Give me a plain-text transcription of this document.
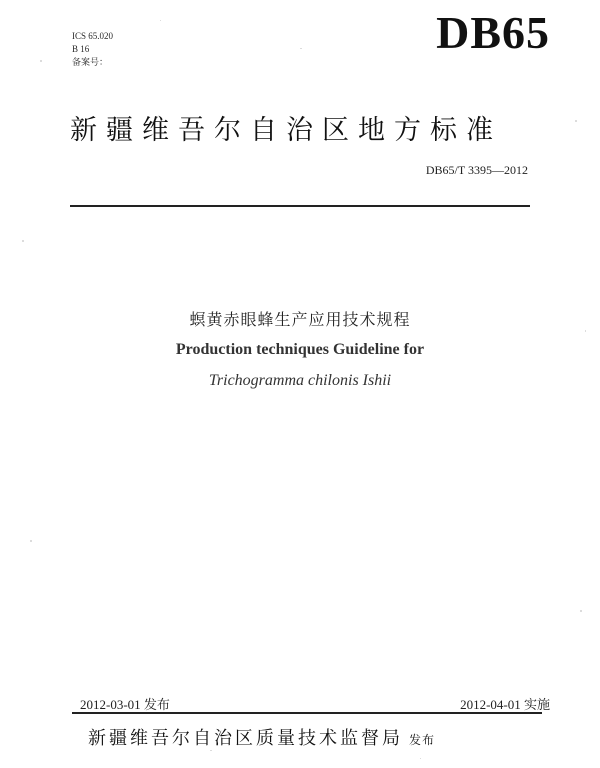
ICS 65.020
B 16
备案号：
DB65
新疆维吾尔自治区地方标准
DB65/T 3395—2012
螟黄赤眼蜂生产应用技术规程
Production techniques Guideline for
Trichogramma chilonis Ishii
2012-03-01 发布	2012-04-01 实施
新疆维吾尔自治区质量技术监督局 发布
